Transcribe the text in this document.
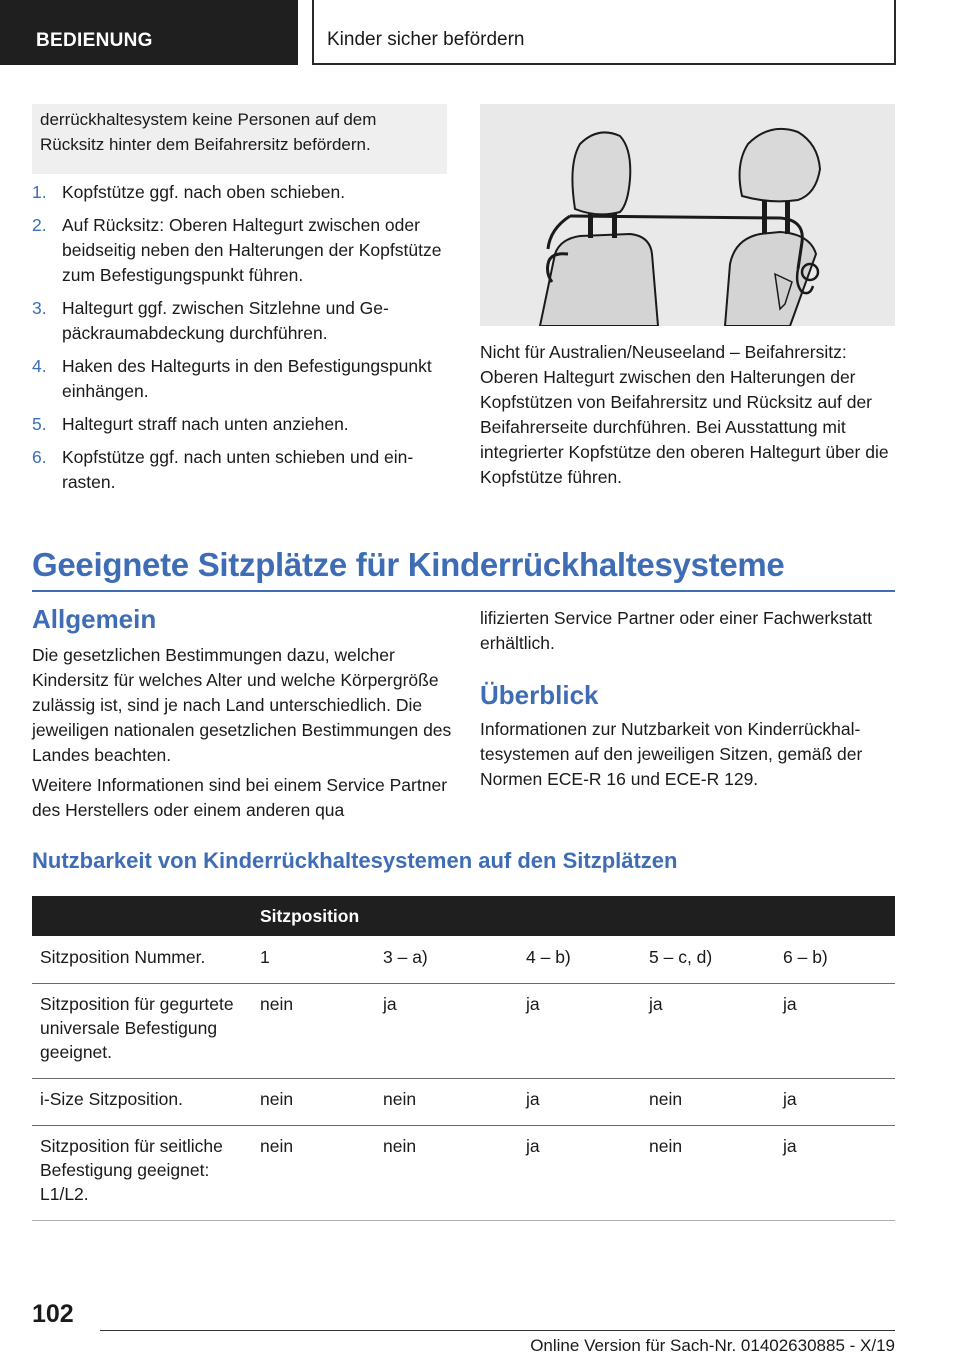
BEDIENUNG	Kinder sicher befördern
derrückhaltesystem keine Personen auf dem Rücksitz hinter dem Beifahrersitz befördern.
1. Kopfstütze ggf. nach oben schieben.
2. Auf Rücksitz: Oberen Haltegurt zwischen oder beidseitig neben den Halterungen der Kopfstütze zum Befestigungspunkt führen.
3. Haltegurt ggf. zwischen Sitzlehne und Gepäckraumabdeckung durchführen.
4. Haken des Haltegurts in den Befestigungspunkt einhängen.
5. Haltegurt straff nach unten anziehen.
6. Kopfstütze ggf. nach unten schieben und einrasten.
Nicht für Australien/Neuseeland – Beifahrersitz: Oberen Haltegurt zwischen den Halterungen der Kopfstützen von Beifahrersitz und Rücksitz auf der Beifahrerseite durchführen. Bei Ausstattung mit integrierter Kopfstütze den oberen Haltegurt über die Kopfstütze führen.
Geeignete Sitzplätze für Kinderrückhaltesysteme
Allgemein
Die gesetzlichen Bestimmungen dazu, welcher Kindersitz für welches Alter und welche Körpergröße zulässig ist, sind je nach Land unterschiedlich. Die jeweiligen nationalen gesetzlichen Bestimmungen des Landes beachten.
Weitere Informationen sind bei einem Service Partner des Herstellers oder einem anderen qua
lifizierten Service Partner oder einer Fachwerkstatt erhältlich.
Überblick
Informationen zur Nutzbarkeit von Kinderrückhaltesystemen auf den jeweiligen Sitzen, gemäß der Normen ECE-R 16 und ECE-R 129.
Nutzbarkeit von Kinderrückhaltesystemen auf den Sitzplätzen
	Sitzposition				
Sitzposition Nummer.	1	3 – a)	4 – b)	5 – c, d)	6 – b)
Sitzposition für gegurtete universale Befestigung geeignet.	nein	ja	ja	ja	ja
i-Size Sitzposition.	nein	nein	ja	nein	ja
Sitzposition für seitliche Befestigung geeignet: L1/L2.	nein	nein	ja	nein	ja
102
Online Version für Sach-Nr. 01402630885 - X/19
